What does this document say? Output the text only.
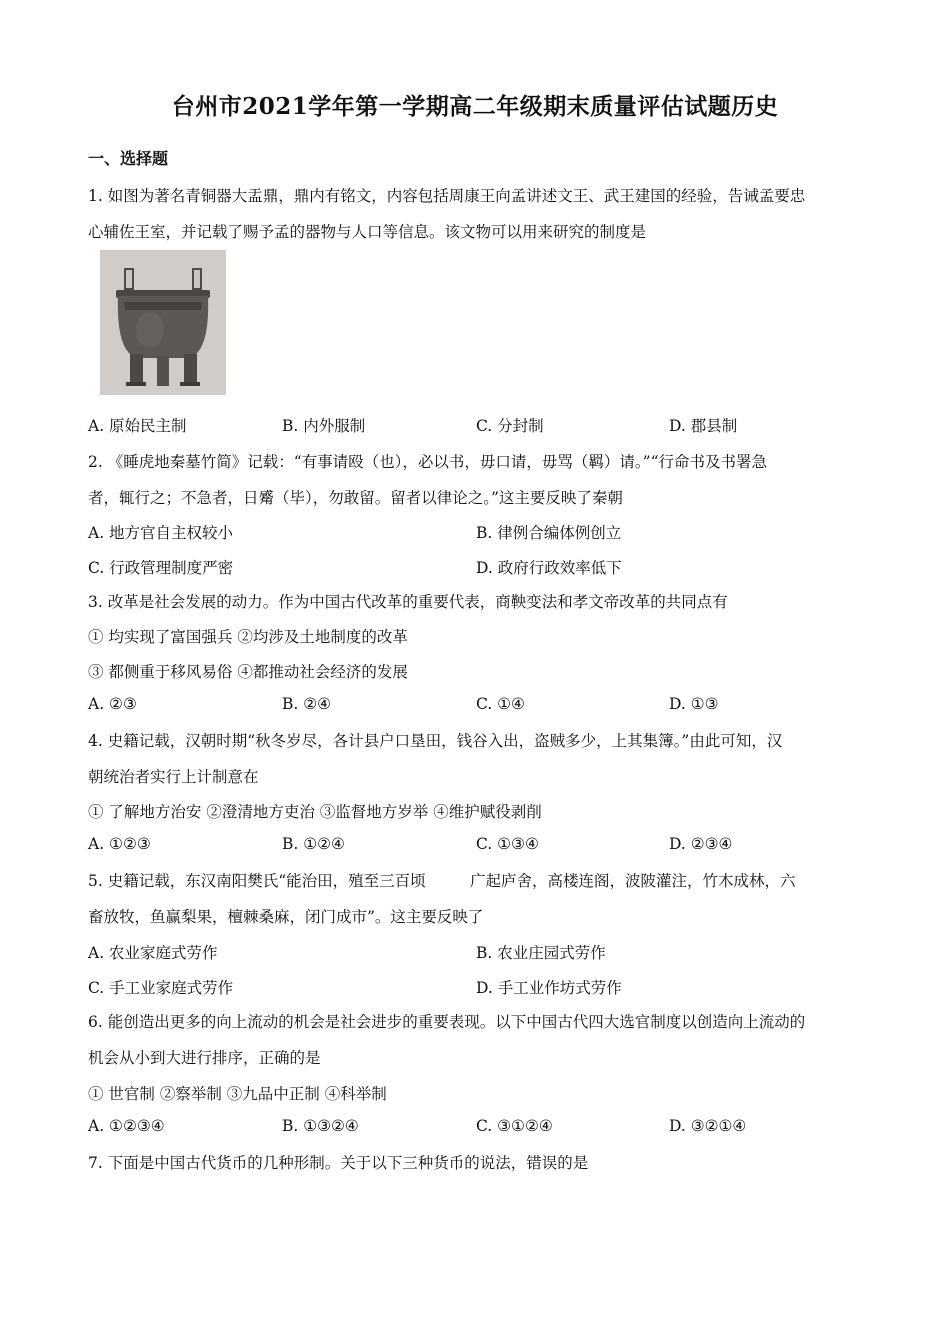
台州市2021学年第一学期高二年级期末质量评估试题历史
一、选择题
1. 如图为著名青铜器大盂鼎，鼎内有铭文，内容包括周康王向孟讲述文王、武王建国的经验，告诫孟要忠
心辅佐王室，并记载了赐予孟的器物与人口等信息。该文物可以用来研究的制度是
A. 原始民主制	B. 内外服制	C. 分封制	D. 郡县制
2. 《睡虎地秦墓竹简》记载：“有事请殴（也），必以书，毋口请，毋骂（羁）请。”“行命书及书署急
者，辄行之；不急者，日觱（毕），勿敢留。留者以律论之。”这主要反映了秦朝
A. 地方官自主权较小	B. 律例合编体例创立
C. 行政管理制度严密	D. 政府行政效率低下
3. 改革是社会发展的动力。作为中国古代改革的重要代表，商鞅变法和孝文帝改革的共同点有
① 均实现了富国强兵 ②均涉及土地制度的改革
③ 都侧重于移风易俗 ④都推动社会经济的发展
A. ②③	B. ②④	C. ①④	D. ①③
4. 史籍记载，汉朝时期“秋冬岁尽，各计县户口垦田，钱谷入出，盗贼多少，上其集簿。”由此可知，汉
朝统治者实行上计制意在
① 了解地方治安 ②澄清地方吏治 ③监督地方岁举 ④维护赋役剥削
A. ①②③	B. ①②④	C. ①③④	D. ②③④
5. 史籍记载，东汉南阳樊氏“能治田，殖至三百顷	广起庐舍，高楼连阁，波陂灌注，竹木成林，六
畜放牧，鱼赢梨果，檀棘桑麻，闭门成市”。这主要反映了
A. 农业家庭式劳作	B. 农业庄园式劳作
C. 手工业家庭式劳作	D. 手工业作坊式劳作
6. 能创造出更多的向上流动的机会是社会进步的重要表现。以下中国古代四大选官制度以创造向上流动的
机会从小到大进行排序，正确的是
① 世官制 ②察举制 ③九品中正制 ④科举制
A. ①②③④	B. ①③②④	C. ③①②④	D. ③②①④
7. 下面是中国古代货币的几种形制。关于以下三种货币的说法，错误的是
